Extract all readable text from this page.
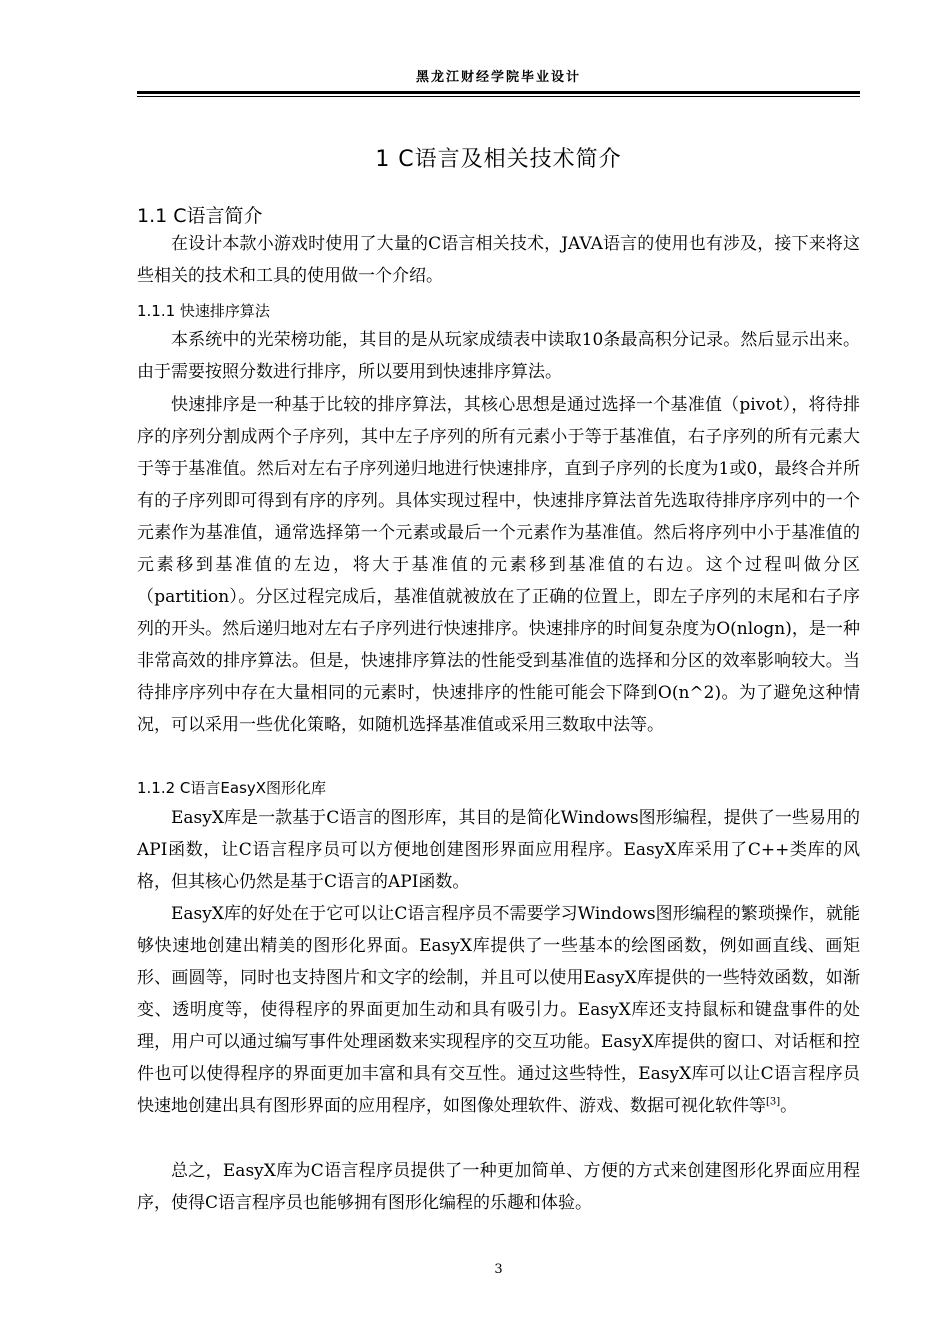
黑龙江财经学院毕业设计
1 C语言及相关技术简介
1.1 C语言简介

在设计本款小游戏时使用了大量的C语言相关技术，JAVA语言的使用也有涉及，接下来将这些相关的技术和工具的使用做一个介绍。

1.1.1 快速排序算法

本系统中的光荣榜功能，其目的是从玩家成绩表中读取10条最高积分记录。然后显示出来。由于需要按照分数进行排序，所以要用到快速排序算法。

快速排序是一种基于比较的排序算法，其核心思想是通过选择一个基准值（pivot），将待排序的序列分割成两个子序列，其中左子序列的所有元素小于等于基准值，右子序列的所有元素大于等于基准值。然后对左右子序列递归地进行快速排序，直到子序列的长度为1或0，最终合并所有的子序列即可得到有序的序列。具体实现过程中，快速排序算法首先选取待排序序列中的一个元素作为基准值，通常选择第一个元素或最后一个元素作为基准值。然后将序列中小于基准值的元素移到基准值的左边，将大于基准值的元素移到基准值的右边。这个过程叫做分区（partition）。分区过程完成后，基准值就被放在了正确的位置上，即左子序列的末尾和右子序列的开头。然后递归地对左右子序列进行快速排序。快速排序的时间复杂度为O(nlogn)，是一种非常高效的排序算法。但是，快速排序算法的性能受到基准值的选择和分区的效率影响较大。当待排序序列中存在大量相同的元素时，快速排序的性能可能会下降到O(n^2)。为了避免这种情况，可以采用一些优化策略，如随机选择基准值或采用三数取中法等。

1.1.2 C语言EasyX图形化库

EasyX库是一款基于C语言的图形库，其目的是简化Windows图形编程，提供了一些易用的API函数，让C语言程序员可以方便地创建图形界面应用程序。EasyX库采用了C++类库的风格，但其核心仍然是基于C语言的API函数。

EasyX库的好处在于它可以让C语言程序员不需要学习Windows图形编程的繁琐操作，就能够快速地创建出精美的图形化界面。EasyX库提供了一些基本的绘图函数，例如画直线、画矩形、画圆等，同时也支持图片和文字的绘制，并且可以使用EasyX库提供的一些特效函数，如渐变、透明度等，使得程序的界面更加生动和具有吸引力。EasyX库还支持鼠标和键盘事件的处理，用户可以通过编写事件处理函数来实现程序的交互功能。EasyX库提供的窗口、对话框和控件也可以使得程序的界面更加丰富和具有交互性。通过这些特性，EasyX库可以让C语言程序员快速地创建出具有图形界面的应用程序，如图像处理软件、游戏、数据可视化软件等[3]。

总之，EasyX库为C语言程序员提供了一种更加简单、方便的方式来创建图形化界面应用程序，使得C语言程序员也能够拥有图形化编程的乐趣和体验。

3
